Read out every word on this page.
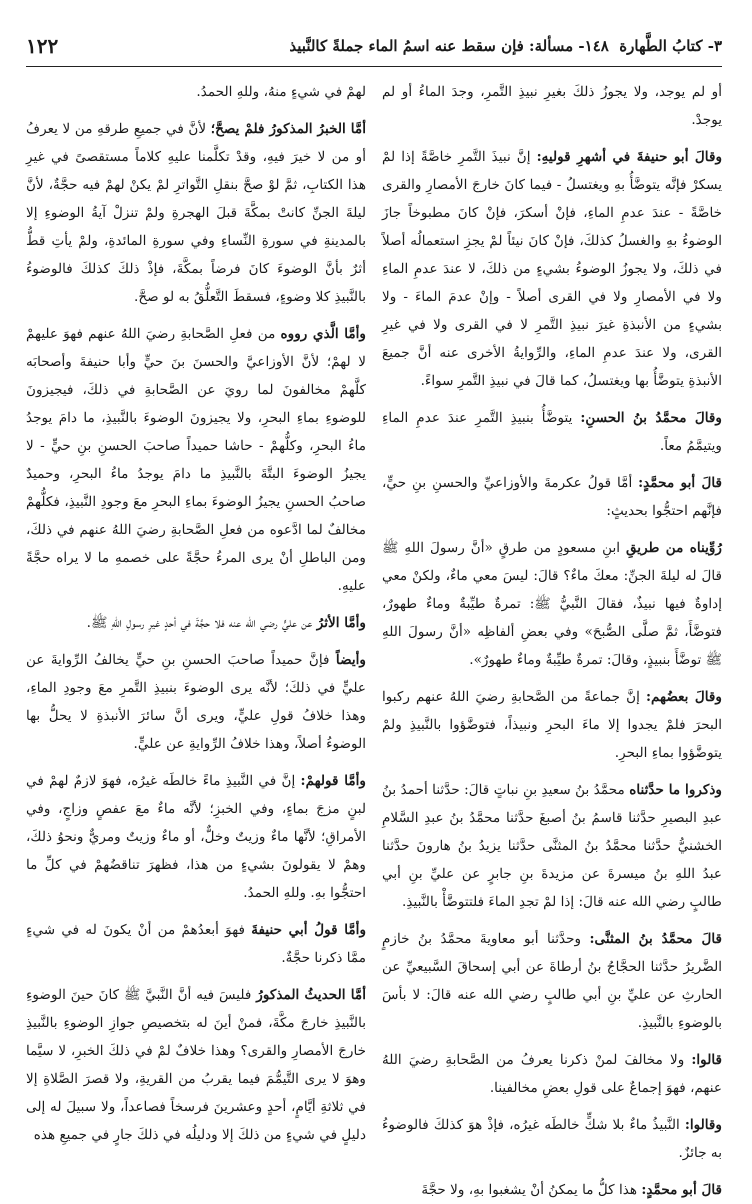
٣- كتابُ الطَّهارة  ١٤٨- مسألة: فإن سقط عنه اسمُ الماء جملةً كالنَّبيذ
١٢٢

أو لم يوجد، ولا يجوزُ ذلكَ بغيرِ نبيذِ التَّمرِ، وجدَ الماءُ أو لم يوجدْ.

وقالَ أبو حنيفةَ في أشهرِ قوليهِ: إنَّ نبيذَ التَّمرِ خاصَّةً إذا لمْ يسكرْ فإنَّه يتوضَّأُ بهِ ويغتسلُ - فيما كانَ خارجَ الأمصارِ والقرى خاصَّةً - عندَ عدمِ الماءِ، فإنْ أسكرَ، فإنْ كانَ مطبوخاً جازَ الوضوءُ بهِ والغسلُ كذلكَ، فإنْ كانَ نيئاً لمْ يجزِ استعمالُه أصلاً في ذلكَ، ولا يجوزُ الوضوءُ بشيءٍ من ذلكَ، لا عندَ عدمِ الماءِ ولا في الأمصارِ ولا في القرى أصلاً - وإنْ عدمَ الماءَ - ولا بشيءٍ من الأنبذةِ غيرَ نبيذِ التَّمرِ لا في القرى ولا في غيرِ القرى، ولا عندَ عدمِ الماءِ، والرِّوايةُ الأخرى عنه أنَّ جميعَ الأنبذةِ يتوضَّأُ بها ويغتسلُ، كما قالَ في نبيذِ التَّمرِ سواءً.

وقالَ محمَّدُ بنُ الحسنِ: يتوضَّأُ بنبيذِ التَّمرِ عندَ عدمِ الماءِ ويتيمَّمُ معاً.

قالَ أبو محمَّدٍ: أمَّا قولُ عكرمةَ والأوزاعيِّ والحسنِ بنِ حيٍّ، فإنَّهم احتجُّوا بحديثٍ:

رُوِّيناه من طريقِ ابنِ مسعودٍ من طرقٍ «أنَّ رسولَ اللهِ ﷺ قالَ له ليلةَ الجنِّ: معكَ ماءٌ؟ قالَ: ليسَ معي ماءٌ، ولكنْ معي إداوةٌ فيها نبيذٌ، فقالَ النَّبيُّ ﷺ: تمرةٌ طيِّبةٌ وماءٌ طهورٌ، فتوضَّأَ، ثمَّ صلَّى الصُّبحَ» وفي بعضِ ألفاظِه «أنَّ رسولَ اللهِ ﷺ توضَّأَ بنبيذٍ، وقالَ: تمرةٌ طيِّبةٌ وماءٌ طهورٌ».

وقالَ بعضُهم: إنَّ جماعةً من الصَّحابةِ رضيَ اللهُ عنهم ركبوا البحرَ فلمْ يجدوا إلا ماءَ البحرِ ونبيذاً، فتوضَّؤوا بالنَّبيذِ ولمْ يتوضَّؤوا بماءِ البحرِ.

وذكروا ما حدَّثناه محمَّدُ بنُ سعيدِ بنِ نباتٍ قالَ: حدَّثنا أحمدُ بنُ عبدِ البصيرِ حدَّثنا قاسمُ بنُ أصبغَ حدَّثنا محمَّدُ بنُ عبدِ السَّلامِ الخشنيُّ حدَّثنا محمَّدُ بنُ المثنَّى حدَّثنا يزيدُ بنُ هارونَ حدَّثنا عبدُ اللهِ بنُ ميسرةَ عن مزيدةَ بنِ جابرٍ عن عليِّ بنِ أبي طالبٍ رضي الله عنه قالَ: إذا لمْ تجدِ الماءَ فلتتوضَّأْ بالنَّبيذِ.

قالَ محمَّدُ بنُ المثنَّى: وحدَّثنا أبو معاويةَ محمَّدُ بنُ خازمٍ الضَّريرُ حدَّثنا الحجَّاجُ بنُ أرطاةَ عن أبي إسحاقَ السَّبيعيِّ عن الحارثِ عن عليِّ بنِ أبي طالبٍ رضي الله عنه قالَ: لا بأسَ بالوضوءِ بالنَّبيذِ.

قالوا: ولا مخالفَ لمنْ ذكرنا يعرفُ من الصَّحابةِ رضيَ اللهُ عنهم، فهوَ إجماعٌ على قولِ بعضِ مخالفينا.

وقالوا: النَّبيذُ ماءٌ بلا شكٍّ خالطَه غيرُه، فإذْ هوَ كذلكَ فالوضوءُ به جائزٌ.

قالَ أبو محمَّدٍ: هذا كلُّ ما يمكنُ أنْ يشغبوا بهِ، ولا حجَّةَ

لهمْ في شيءٍ منهُ، وللهِ الحمدُ.

أمَّا الخبرُ المذكورُ فلمْ يصحَّ؛ لأنَّ في جميعِ طرقهِ من لا يعرفُ أو من لا خيرَ فيهِ، وقدْ تكلَّمنا عليهِ كلاماً مستقصىً في غيرِ هذا الكتابِ، ثمَّ لوْ صحَّ بنقلِ التَّواترِ لمْ يكنْ لهمْ فيه حجَّةٌ، لأنَّ ليلةَ الجنِّ كانتْ بمكَّةَ قبلَ الهجرةِ ولمْ تنزلْ آيةُ الوضوءِ إلا بالمدينةِ في سورةِ النِّساءِ وفي سورةِ المائدةِ، ولمْ يأتِ قطُّ أثرٌ بأنَّ الوضوءَ كانَ فرضاً بمكَّةَ، فإذْ ذلكَ كذلكَ فالوضوءُ بالنَّبيذِ كلا وضوءٍ، فسقطَ التَّعلُّقُ به لو صحَّ.

وأمَّا الَّذي رووه من فعلِ الصَّحابةِ رضيَ اللهُ عنهم فهوَ عليهمْ لا لهمْ؛ لأنَّ الأوزاعيَّ والحسنَ بنَ حيٍّ وأبا حنيفةَ وأصحابَه كلَّهمْ مخالفونَ لما رويَ عن الصَّحابةِ في ذلكَ، فيجيزونَ للوضوءِ بماءِ البحرِ، ولا يجيزونَ الوضوءَ بالنَّبيذِ، ما دامَ يوجدُ ماءُ البحرِ، وكلُّهمْ - حاشا حميداً صاحبَ الحسنِ بنِ حيٍّ - لا يجيزُ الوضوءَ البتَّةَ بالنَّبيذِ ما دامَ يوجدُ ماءُ البحرِ، وحميدٌ صاحبُ الحسنِ يجيزُ الوضوءَ بماءِ البحرِ معَ وجودِ النَّبيذِ، فكلُّهمْ مخالفٌ لما ادَّعوه من فعلِ الصَّحابةِ رضيَ اللهُ عنهم في ذلكَ، ومن الباطلِ أنْ يرى المرءُ حجَّةً على خصمهِ ما لا يراه حجَّةً عليهِ.

وأمَّا الأثرُ عن عليٍّ رضي الله عنه فلا حجَّةَ في أحدٍ غيرِ رسولِ اللهِ ﷺ.

وأيضاً فإنَّ حميداً صاحبَ الحسنِ بنِ حيٍّ يخالفُ الرِّوايةَ عن عليٍّ في ذلكَ؛ لأنَّه يرى الوضوءَ بنبيذِ التَّمرِ معَ وجودِ الماءِ، وهذا خلافُ قولِ عليٍّ، ويرى أنَّ سائرَ الأنبذةِ لا يحلُّ بها الوضوءُ أصلاً، وهذا خلافُ الرِّوايةِ عن عليٍّ.

وأمَّا قولهمْ: إنَّ في النَّبيذِ ماءً خالطَه غيرُه، فهوَ لازمٌ لهمْ في لبنٍ مزجَ بماءٍ، وفي الخبزِ؛ لأنَّه ماءٌ معَ عفصٍ وزاجٍ، وفي الأمراقِ؛ لأنَّها ماءٌ وزيتٌ وخلٌّ، أو ماءٌ وزيتٌ ومريٌّ ونحوُ ذلكَ، وهمْ لا يقولونَ بشيءٍ من هذا، فظهرَ تناقضُهمْ في كلِّ ما احتجُّوا بهِ. وللهِ الحمدُ.

وأمَّا قولُ أبي حنيفةَ فهوَ أبعدُهمْ من أنْ يكونَ له في شيءٍ ممَّا ذكرنا حجَّةٌ.

أمَّا الحديثُ المذكورُ فليسَ فيه أنَّ النَّبيَّ ﷺ كانَ حينَ الوضوءِ بالنَّبيذِ خارجَ مكَّةَ، فمنْ أينَ له بتخصيصِ جوازِ الوضوءِ بالنَّبيذِ خارجَ الأمصارِ والقرى؟ وهذا خلافٌ لمْ في ذلكَ الخبرِ، لا سيَّما وهوَ لا يرى التَّيمُّمَ فيما يقربُ من القريةِ، ولا قصرَ الصَّلاةِ إلا في ثلاثةِ أيَّامٍ، أحدٍ وعشرينَ فرسخاً فصاعداً، ولا سبيلَ له إلى دليلٍ في شيءٍ من ذلكَ إلا ودليلُه في ذلكَ جارٍ في جميعِ هذه
